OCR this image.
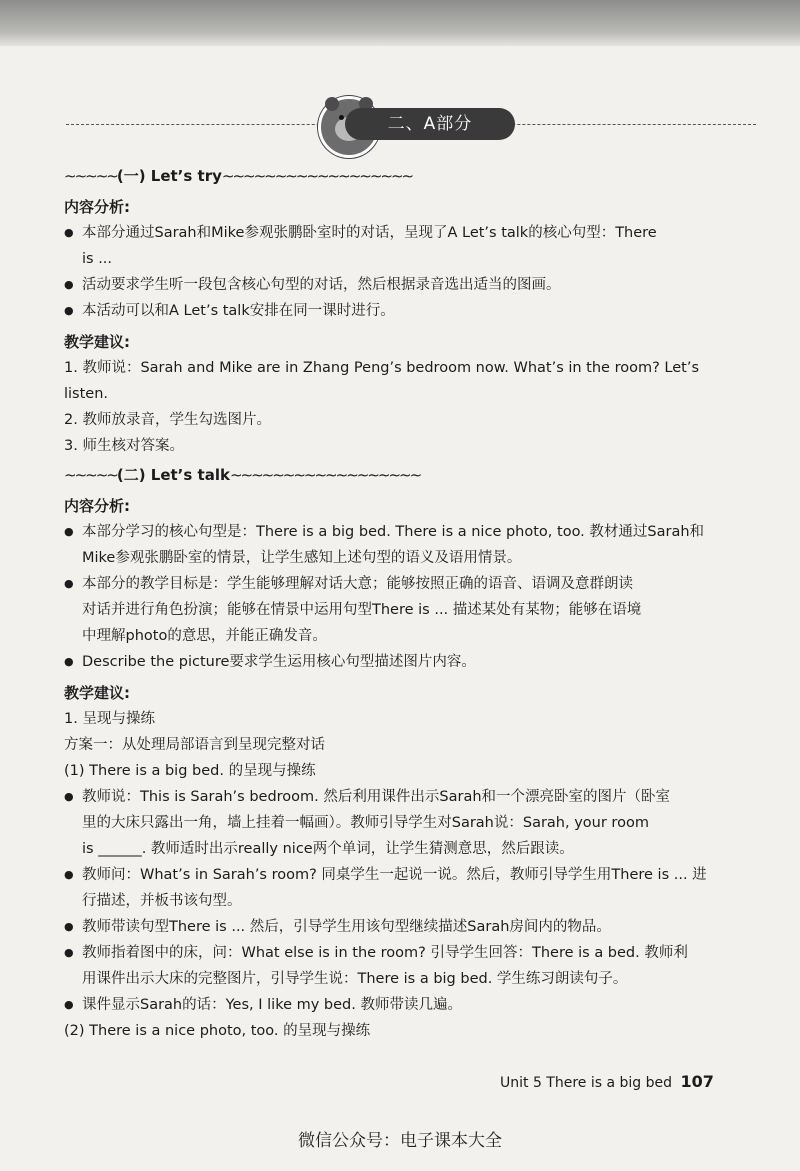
二、A部分
∼∼∼∼∼(一) Let’s try∼∼∼∼∼∼∼∼∼∼∼∼∼∼∼∼∼∼
内容分析:
● 本部分通过Sarah和Mike参观张鹏卧室时的对话，呈现了A Let’s talk的核心句型：There
is ...
● 活动要求学生听一段包含核心句型的对话，然后根据录音选出适当的图画。
● 本活动可以和A Let’s talk安排在同一课时进行。
教学建议:
1. 教师说：Sarah and Mike are in Zhang Peng’s bedroom now. What’s in the room? Let’s listen.
2. 教师放录音，学生勾选图片。
3. 师生核对答案。
∼∼∼∼∼(二) Let’s talk∼∼∼∼∼∼∼∼∼∼∼∼∼∼∼∼∼∼
内容分析:
● 本部分学习的核心句型是：There is a big bed. There is a nice photo, too. 教材通过Sarah和
Mike参观张鹏卧室的情景，让学生感知上述句型的语义及语用情景。
● 本部分的教学目标是：学生能够理解对话大意；能够按照正确的语音、语调及意群朗读
对话并进行角色扮演；能够在情景中运用句型There is ... 描述某处有某物；能够在语境
中理解photo的意思，并能正确发音。
● Describe the picture要求学生运用核心句型描述图片内容。
教学建议:
1. 呈现与操练
方案一：从处理局部语言到呈现完整对话
(1) There is a big bed. 的呈现与操练
● 教师说：This is Sarah’s bedroom. 然后利用课件出示Sarah和一个漂亮卧室的图片（卧室
里的大床只露出一角，墙上挂着一幅画）。教师引导学生对Sarah说：Sarah, your room
is ______. 教师适时出示really nice两个单词，让学生猜测意思，然后跟读。
● 教师问：What’s in Sarah’s room? 同桌学生一起说一说。然后，教师引导学生用There is ... 进
行描述，并板书该句型。
● 教师带读句型There is ... 然后，引导学生用该句型继续描述Sarah房间内的物品。
● 教师指着图中的床，问：What else is in the room? 引导学生回答：There is a bed. 教师利
用课件出示大床的完整图片，引导学生说：There is a big bed. 学生练习朗读句子。
● 课件显示Sarah的话：Yes, I like my bed. 教师带读几遍。
(2) There is a nice photo, too. 的呈现与操练
Unit 5 There is a big bed 107
微信公众号：电子课本大全
